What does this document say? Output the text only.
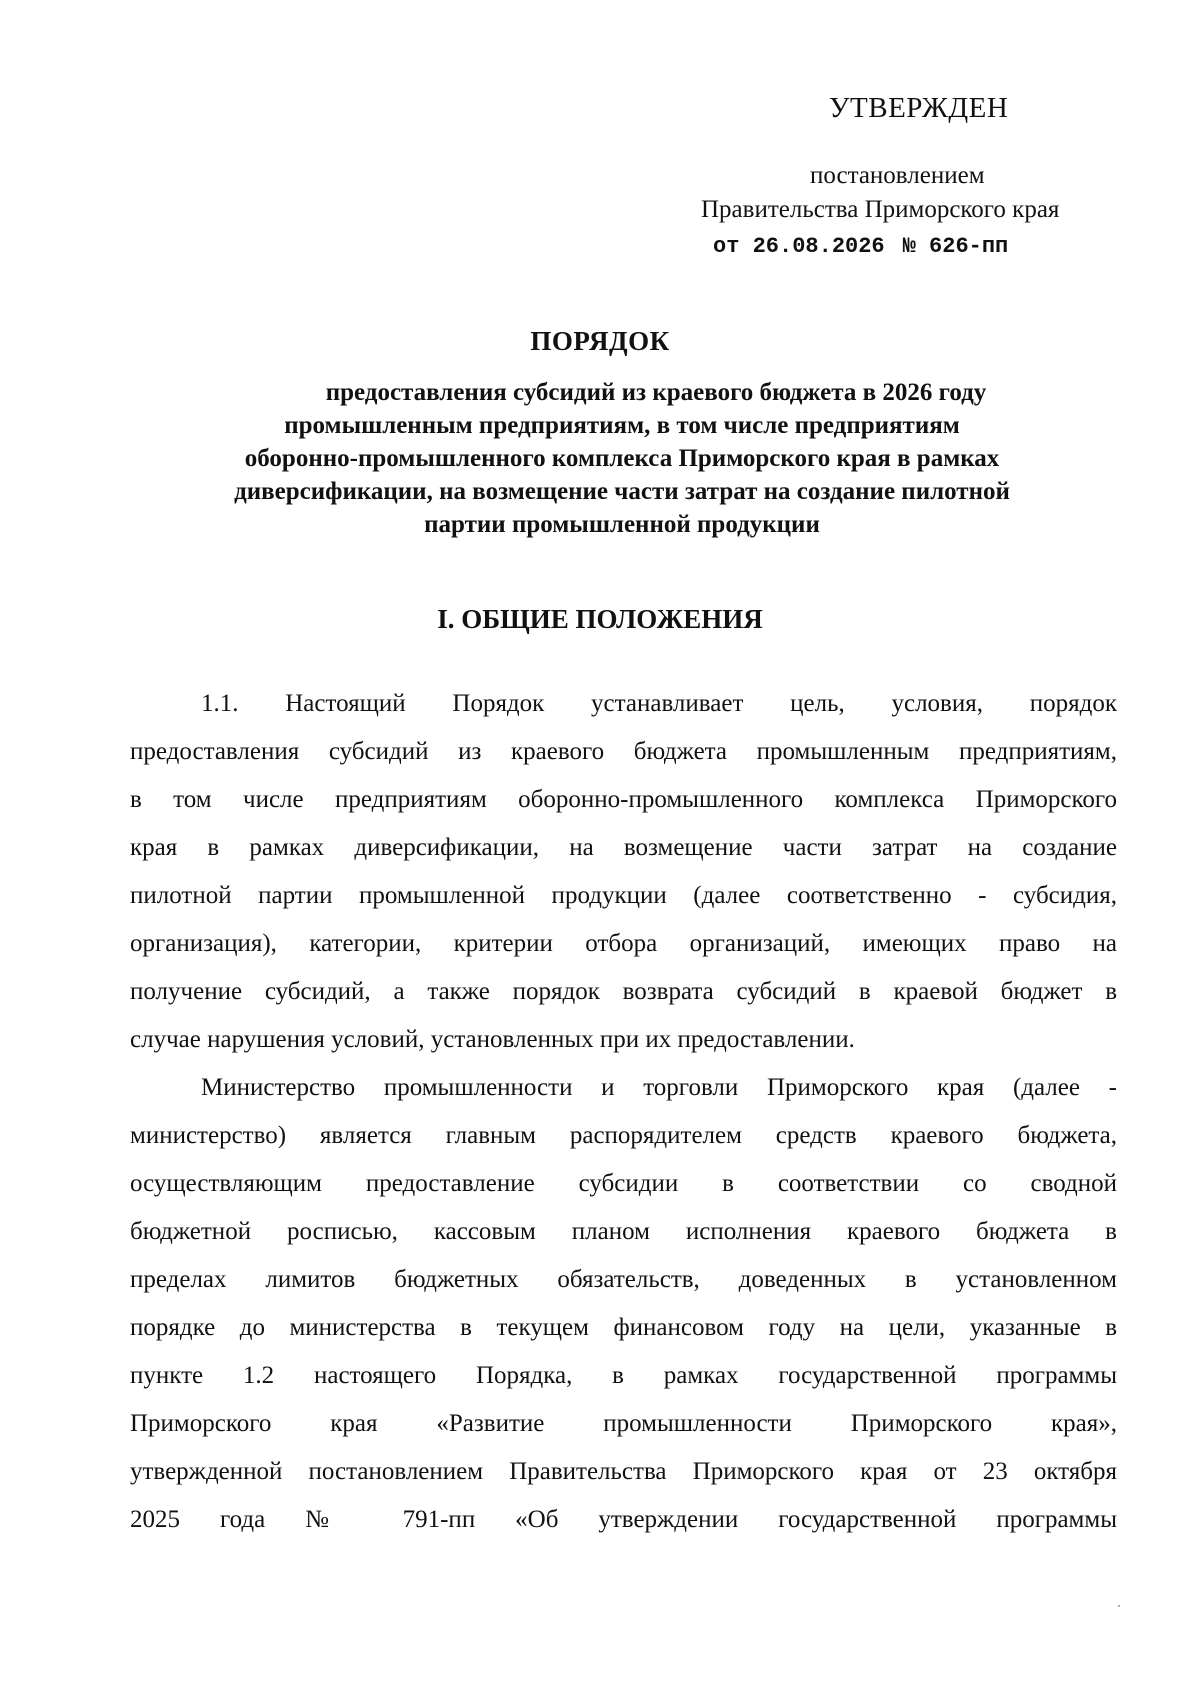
УТВЕРЖДЕН
постановлением
Правительства Приморского края
от 26.08.2026 № 626-пп
ПОРЯДОК
предоставления субсидий из краевого бюджета в 2026 году
промышленным предприятиям, в том числе предприятиям
оборонно-промышленного комплекса Приморского края в рамках
диверсификации, на возмещение части затрат на создание пилотной
партии промышленной продукции
I. ОБЩИЕ ПОЛОЖЕНИЯ
1.1. Настоящий Порядок устанавливает цель, условия, порядок
предоставления субсидий из краевого бюджета промышленным предприятиям,
в том числе предприятиям оборонно-промышленного комплекса Приморского
края в рамках диверсификации, на возмещение части затрат на создание
пилотной партии промышленной продукции (далее соответственно - субсидия,
организация), категории, критерии отбора организаций, имеющих право на
получение субсидий, а также порядок возврата субсидий в краевой бюджет в
случае нарушения условий, установленных при их предоставлении.
Министерство промышленности и торговли Приморского края (далее -
министерство) является главным распорядителем средств краевого бюджета,
осуществляющим предоставление субсидии в соответствии со сводной
бюджетной росписью, кассовым планом исполнения краевого бюджета в
пределах лимитов бюджетных обязательств, доведенных в установленном
порядке до министерства в текущем финансовом году на цели, указанные в
пункте 1.2 настоящего Порядка, в рамках государственной программы
Приморского края «Развитие промышленности Приморского края»,
утвержденной постановлением Правительства Приморского края от 23 октября
2025 года № 791-пп «Об утверждении государственной программы
